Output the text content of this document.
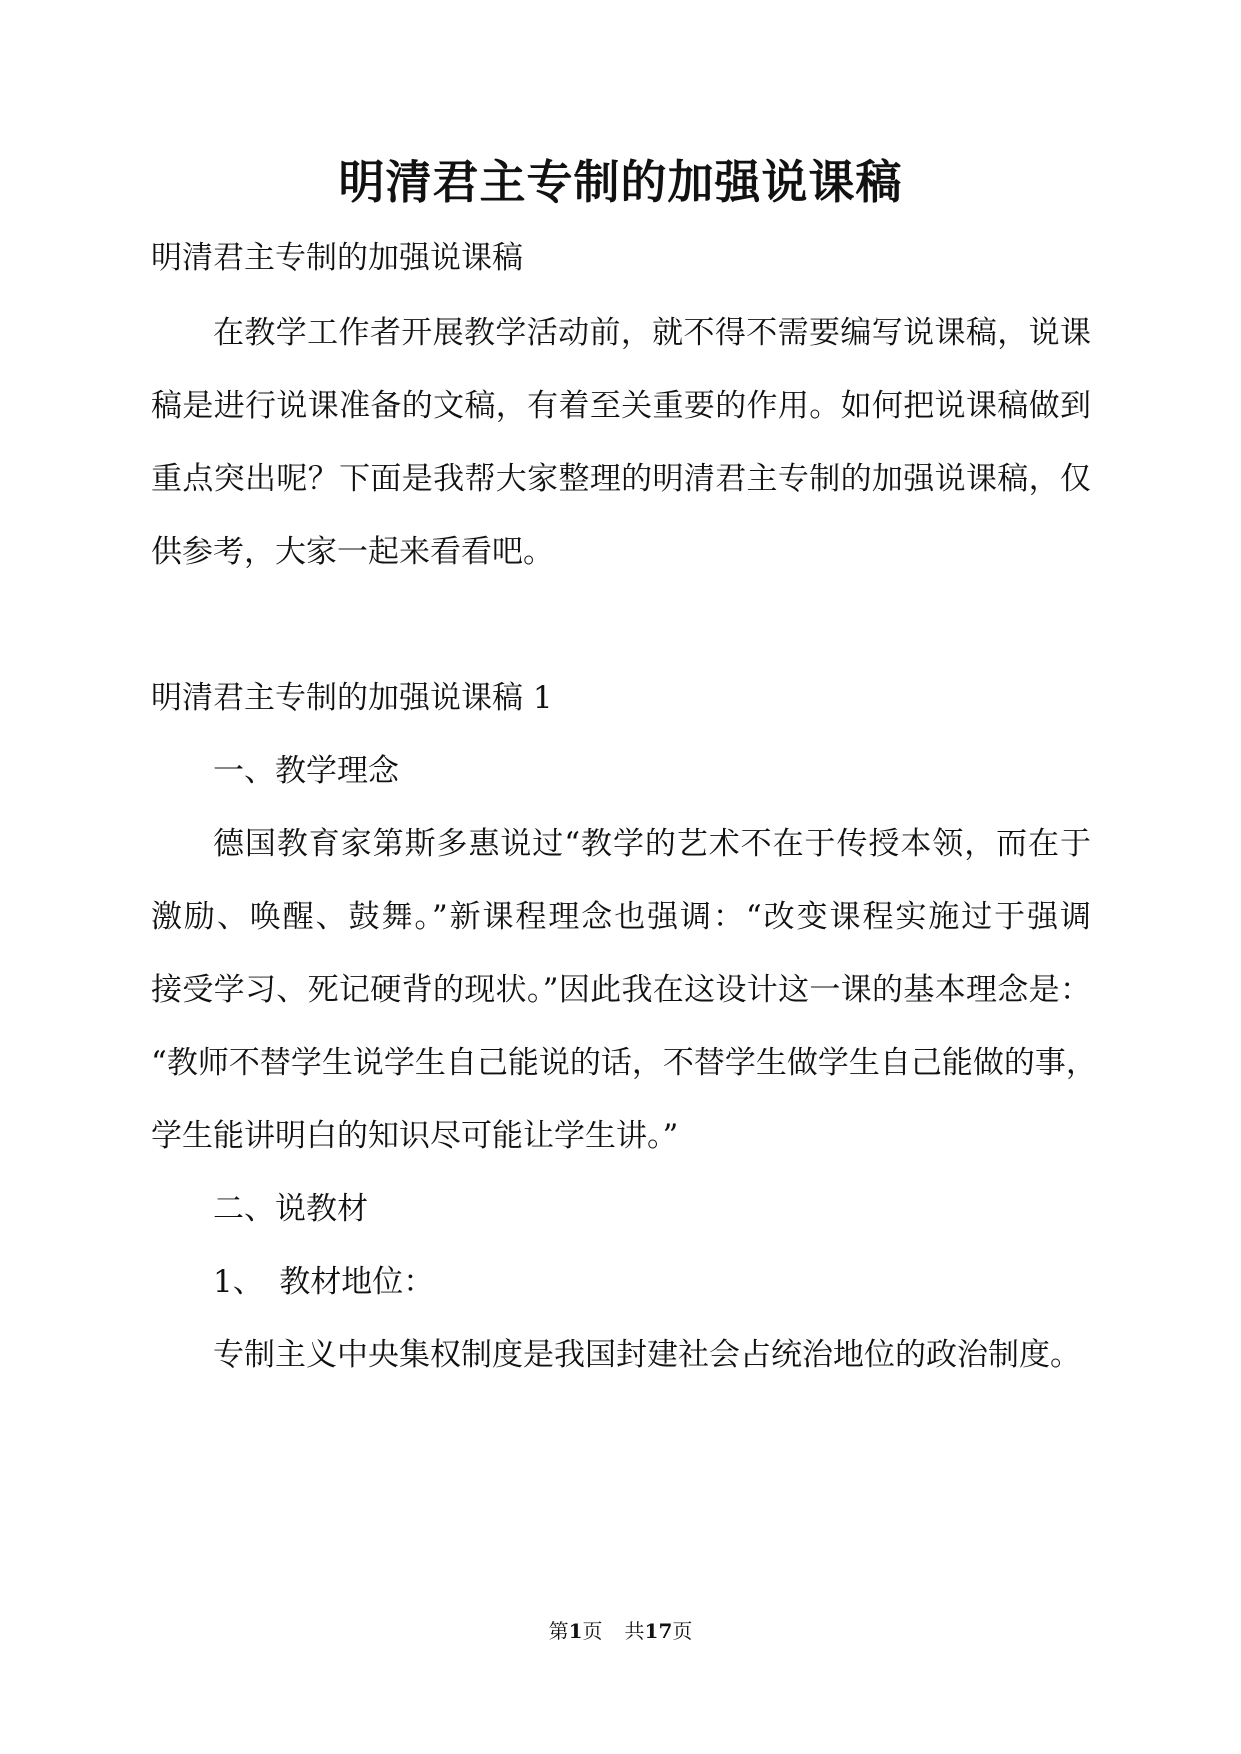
明清君主专制的加强说课稿
明清君主专制的加强说课稿
在教学工作者开展教学活动前，就不得不需要编写说课稿，说课
稿是进行说课准备的文稿，有着至关重要的作用。如何把说课稿做到
重点突出呢？下面是我帮大家整理的明清君主专制的加强说课稿，仅
供参考，大家一起来看看吧。
明清君主专制的加强说课稿 1
一、教学理念
德国教育家第斯多惠说过“教学的艺术不在于传授本领，而在于
激励、唤醒、鼓舞。”新课程理念也强调：“改变课程实施过于强调
接受学习、死记硬背的现状。”因此我在这设计这一课的基本理念是：
“教师不替学生说学生自己能说的话，不替学生做学生自己能做的事，
学生能讲明白的知识尽可能让学生讲。”
二、说教材
1、　教材地位：
专制主义中央集权制度是我国封建社会占统治地位的政治制度。
第1页 共17页
